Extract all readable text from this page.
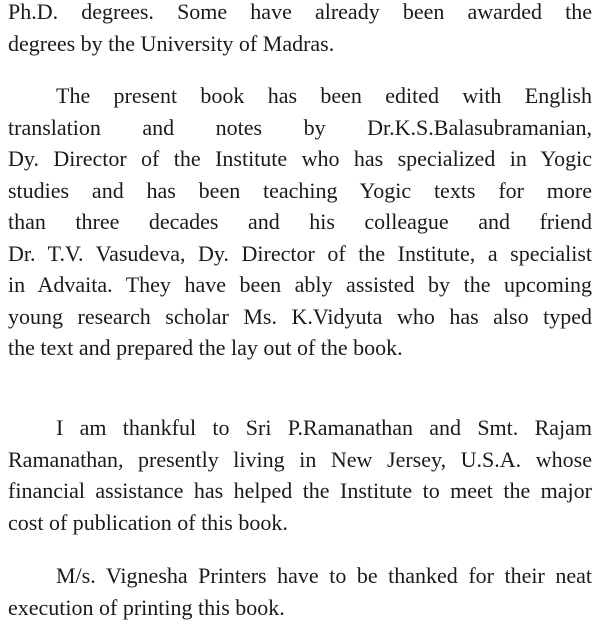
Ph.D. degrees. Some have already been awarded the
degrees by the University of Madras.
The present book has been edited with English
translation and notes by Dr.K.S.Balasubramanian,
Dy. Director of the Institute who has specialized in Yogic
studies and has been teaching Yogic texts for more
than three decades and his colleague and friend
Dr. T.V. Vasudeva, Dy. Director of the Institute, a specialist
in Advaita. They have been ably assisted by the upcoming
young research scholar Ms. K.Vidyuta who has also typed
the text and prepared the lay out of the book.
I am thankful to Sri P.Ramanathan and Smt. Rajam
Ramanathan, presently living in New Jersey, U.S.A. whose
financial assistance has helped the Institute to meet the major
cost of publication of this book.
M/s. Vignesha Printers have to be thanked for their neat
execution of printing this book.
